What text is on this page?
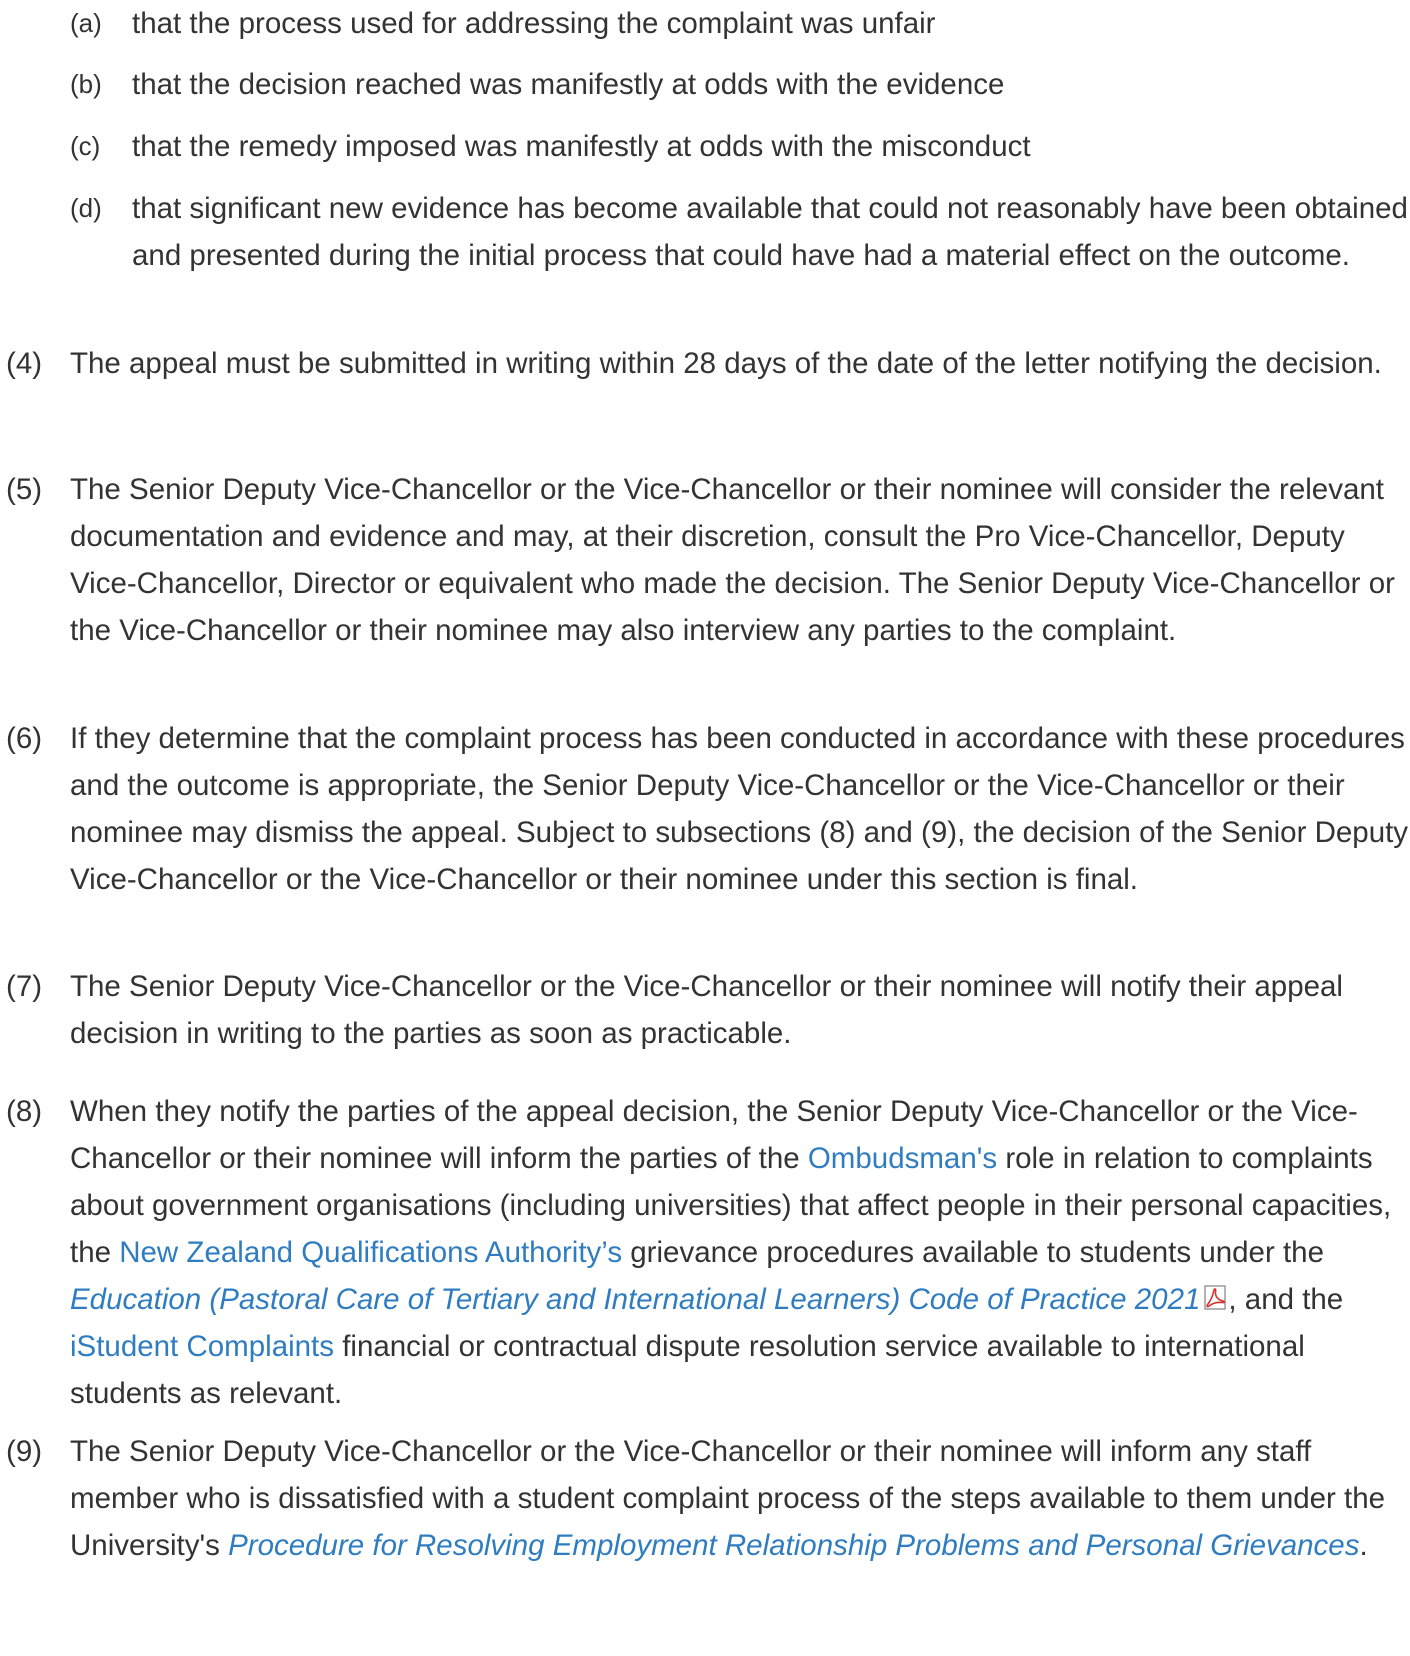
(a) that the process used for addressing the complaint was unfair
(b) that the decision reached was manifestly at odds with the evidence
(c) that the remedy imposed was manifestly at odds with the misconduct
(d) that significant new evidence has become available that could not reasonably have been obtained and presented during the initial process that could have had a material effect on the outcome.
(4) The appeal must be submitted in writing within 28 days of the date of the letter notifying the decision.
(5) The Senior Deputy Vice-Chancellor or the Vice-Chancellor or their nominee will consider the relevant documentation and evidence and may, at their discretion, consult the Pro Vice-Chancellor, Deputy Vice-Chancellor, Director or equivalent who made the decision. The Senior Deputy Vice-Chancellor or the Vice-Chancellor or their nominee may also interview any parties to the complaint.
(6) If they determine that the complaint process has been conducted in accordance with these procedures and the outcome is appropriate, the Senior Deputy Vice-Chancellor or the Vice-Chancellor or their nominee may dismiss the appeal. Subject to subsections (8) and (9), the decision of the Senior Deputy Vice-Chancellor or the Vice-Chancellor or their nominee under this section is final.
(7) The Senior Deputy Vice-Chancellor or the Vice-Chancellor or their nominee will notify their appeal decision in writing to the parties as soon as practicable.
(8) When they notify the parties of the appeal decision, the Senior Deputy Vice-Chancellor or the Vice-Chancellor or their nominee will inform the parties of the Ombudsman's role in relation to complaints about government organisations (including universities) that affect people in their personal capacities, the New Zealand Qualifications Authority’s grievance procedures available to students under the Education (Pastoral Care of Tertiary and International Learners) Code of Practice 2021 , and the iStudent Complaints financial or contractual dispute resolution service available to international students as relevant.
(9) The Senior Deputy Vice-Chancellor or the Vice-Chancellor or their nominee will inform any staff member who is dissatisfied with a student complaint process of the steps available to them under the University's Procedure for Resolving Employment Relationship Problems and Personal Grievances.
